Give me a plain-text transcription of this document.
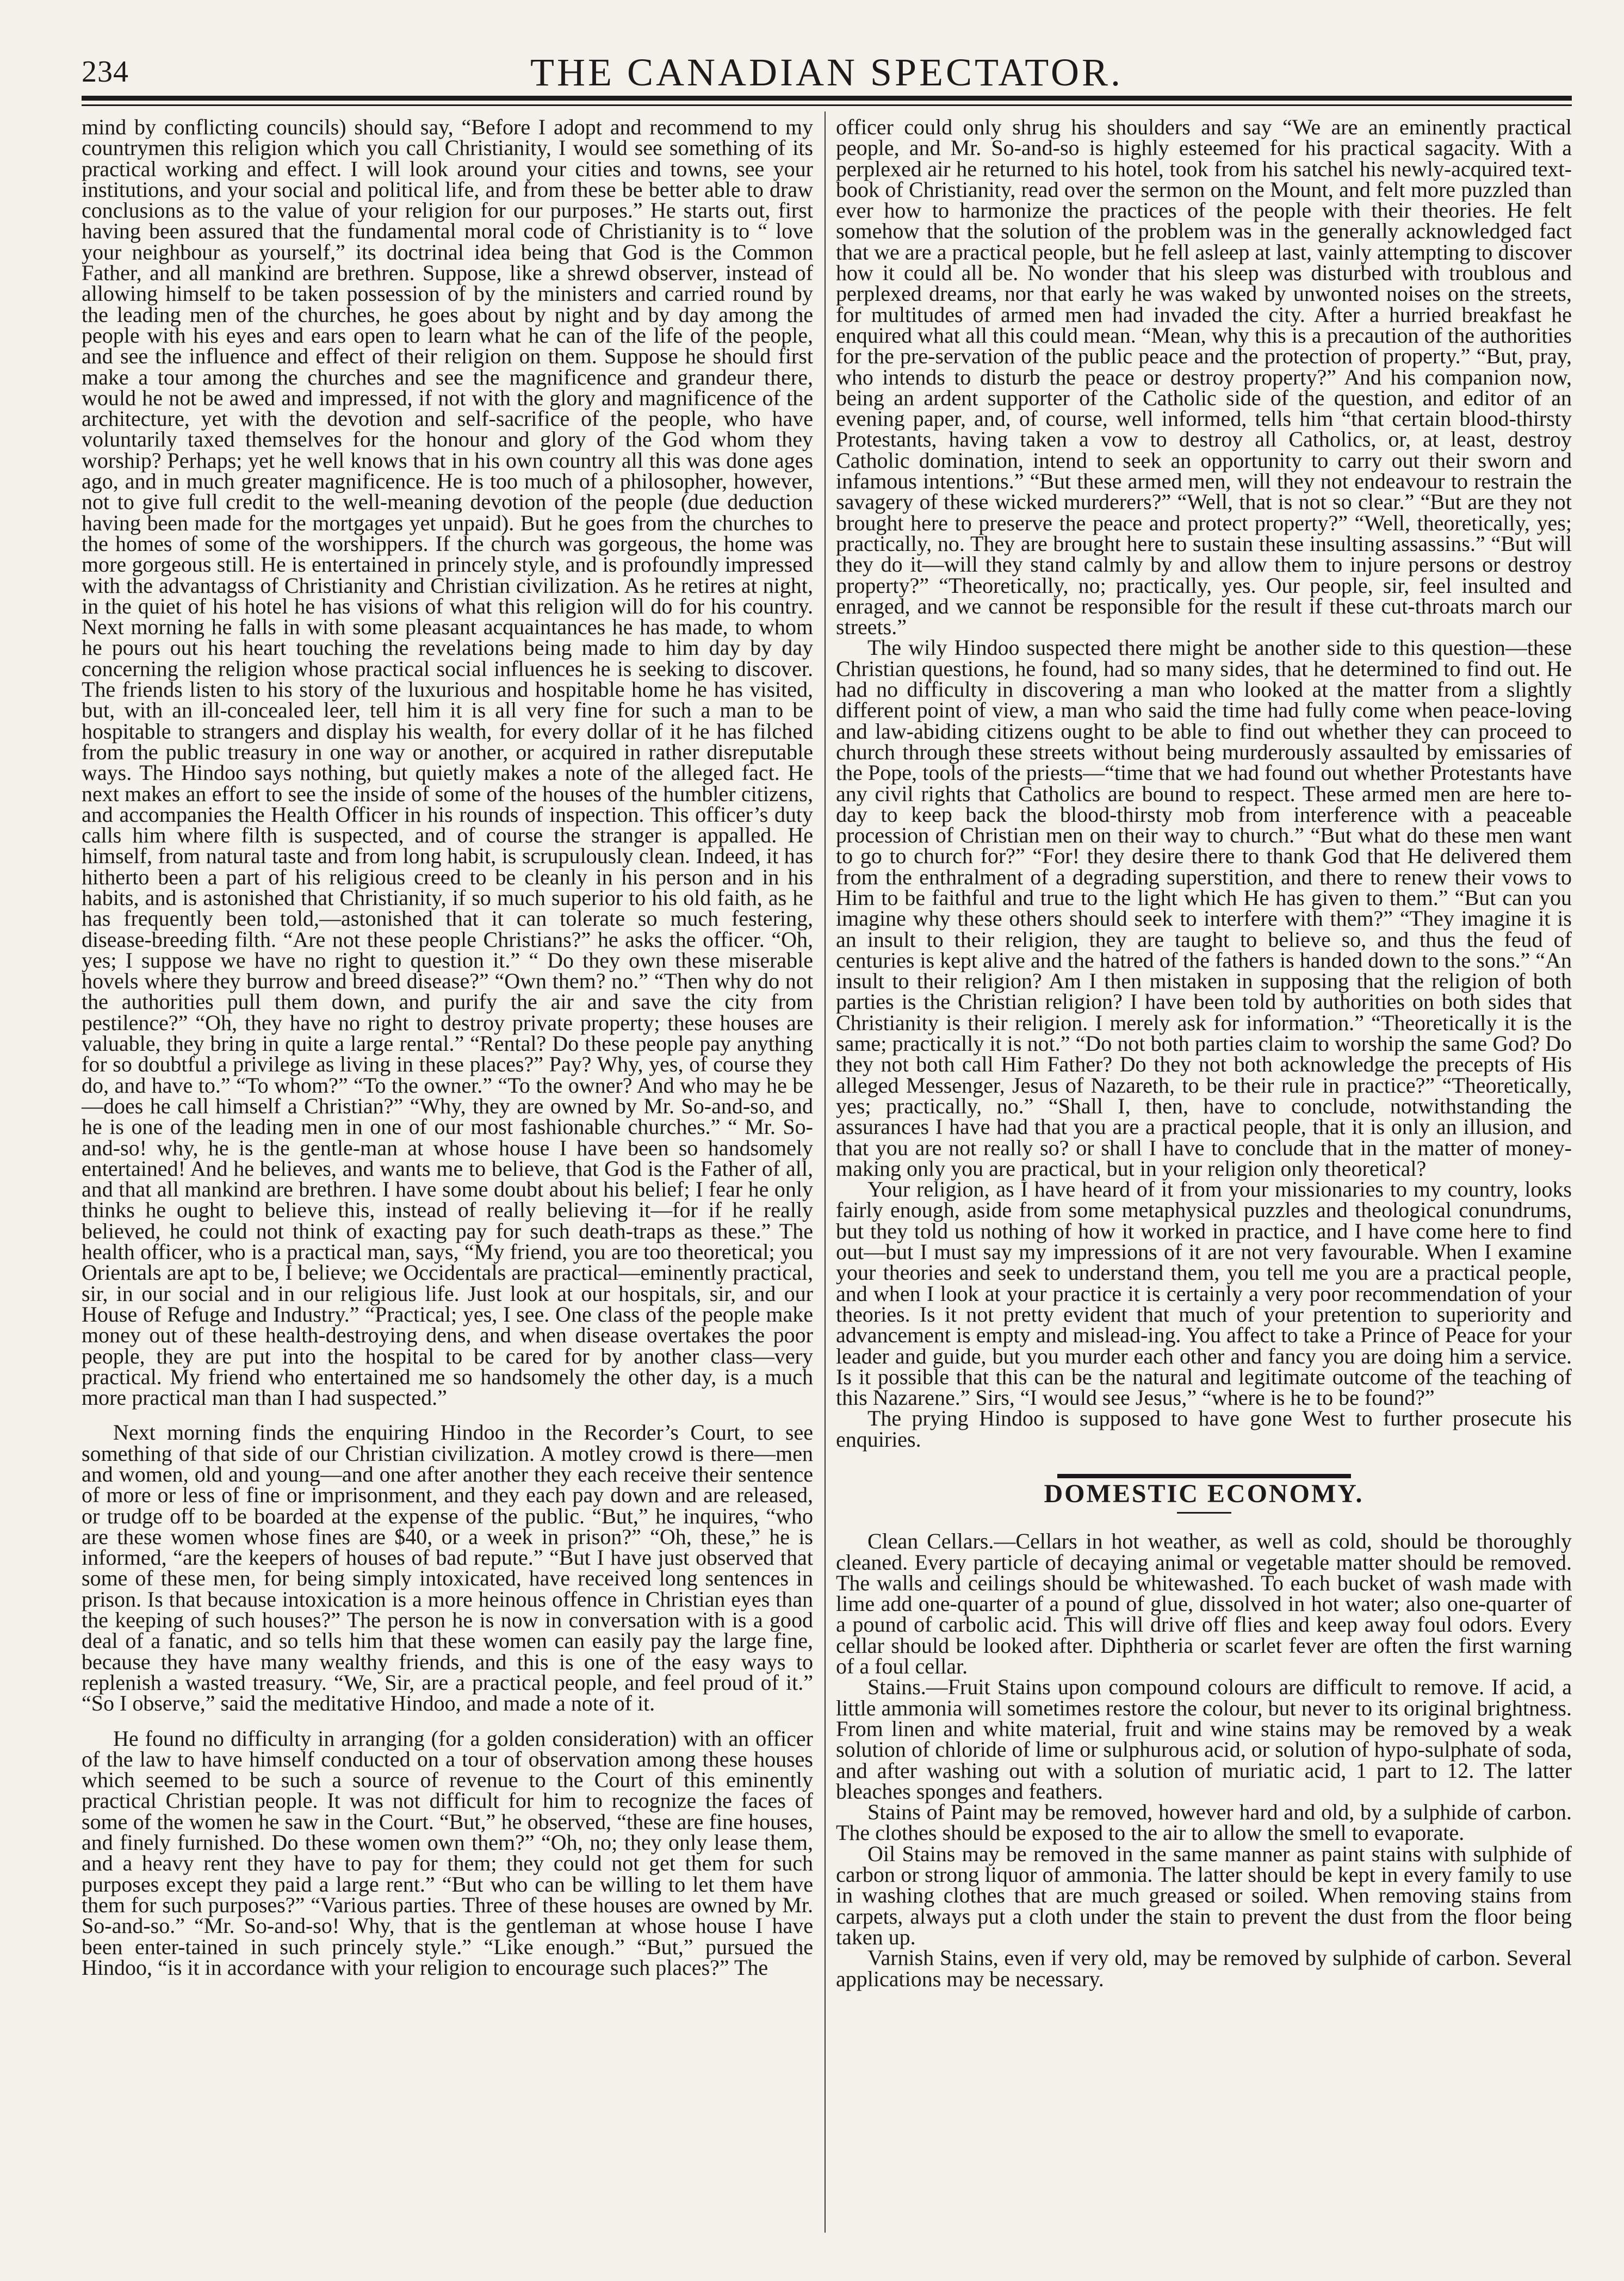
234	THE CANADIAN SPECTATOR.

mind by conflicting councils) should say, “Before I adopt and recommend to my countrymen this religion which you call Christianity, I would see something of its practical working and effect. I will look around your cities and towns, see your institutions, and your social and political life, and from these be better able to draw conclusions as to the value of your religion for our purposes.” He starts out, first having been assured that the fundamental moral code of Christianity is to “ love your neighbour as yourself,” its doctrinal idea being that God is the Common Father, and all mankind are brethren. Suppose, like a shrewd observer, instead of allowing himself to be taken possession of by the ministers and carried round by the leading men of the churches, he goes about by night and by day among the people with his eyes and ears open to learn what he can of the life of the people, and see the influence and effect of their religion on them. Suppose he should first make a tour among the churches and see the magnificence and grandeur there, would he not be awed and impressed, if not with the glory and magnificence of the architecture, yet with the devotion and self-sacrifice of the people, who have voluntarily taxed themselves for the honour and glory of the God whom they worship? Perhaps; yet he well knows that in his own country all this was done ages ago, and in much greater magnificence. He is too much of a philosopher, however, not to give full credit to the well-meaning devotion of the people (due deduction having been made for the mortgages yet unpaid). But he goes from the churches to the homes of some of the worshippers. If the church was gorgeous, the home was more gorgeous still. He is entertained in princely style, and is profoundly impressed with the advantagss of Christianity and Christian civilization. As he retires at night, in the quiet of his hotel he has visions of what this religion will do for his country. Next morning he falls in with some pleasant acquaintances he has made, to whom he pours out his heart touching the revelations being made to him day by day concerning the religion whose practical social influences he is seeking to discover. The friends listen to his story of the luxurious and hospitable home he has visited, but, with an ill-concealed leer, tell him it is all very fine for such a man to be hospitable to strangers and display his wealth, for every dollar of it he has filched from the public treasury in one way or another, or acquired in rather disreputable ways. The Hindoo says nothing, but quietly makes a note of the alleged fact. He next makes an effort to see the inside of some of the houses of the humbler citizens, and accompanies the Health Officer in his rounds of inspection. This officer’s duty calls him where filth is suspected, and of course the stranger is appalled. He himself, from natural taste and from long habit, is scrupulously clean. Indeed, it has hitherto been a part of his religious creed to be cleanly in his person and in his habits, and is astonished that Christianity, if so much superior to his old faith, as he has frequently been told,—astonished that it can tolerate so much festering, disease-breeding filth. “Are not these people Christians?” he asks the officer. “Oh, yes; I suppose we have no right to question it.” “ Do they own these miserable hovels where they burrow and breed disease?” “Own them? no.” “Then why do not the authorities pull them down, and purify the air and save the city from pestilence?” “Oh, they have no right to destroy private property; these houses are valuable, they bring in quite a large rental.” “Rental? Do these people pay anything for so doubtful a privilege as living in these places?” Pay? Why, yes, of course they do, and have to.” “To whom?” “To the owner.” “To the owner? And who may he be—does he call himself a Christian?” “Why, they are owned by Mr. So-and-so, and he is one of the leading men in one of our most fashionable churches.” “ Mr. So-and-so! why, he is the gentle-man at whose house I have been so handsomely entertained! And he believes, and wants me to believe, that God is the Father of all, and that all mankind are brethren. I have some doubt about his belief; I fear he only thinks he ought to believe this, instead of really believing it—for if he really believed, he could not think of exacting pay for such death-traps as these.” The health officer, who is a practical man, says, “My friend, you are too theoretical; you Orientals are apt to be, I believe; we Occidentals are practical—eminently practical, sir, in our social and in our religious life. Just look at our hospitals, sir, and our House of Refuge and Industry.” “Practical; yes, I see. One class of the people make money out of these health-destroying dens, and when disease overtakes the poor people, they are put into the hospital to be cared for by another class—very practical. My friend who entertained me so handsomely the other day, is a much more practical man than I had suspected.”

Next morning finds the enquiring Hindoo in the Recorder’s Court, to see something of that side of our Christian civilization. A motley crowd is there—men and women, old and young—and one after another they each receive their sentence of more or less of fine or imprisonment, and they each pay down and are released, or trudge off to be boarded at the expense of the public. “But,” he inquires, “who are these women whose fines are $40, or a week in prison?” “Oh, these,” he is informed, “are the keepers of houses of bad repute.” “But I have just observed that some of these men, for being simply intoxicated, have received long sentences in prison. Is that because intoxication is a more heinous offence in Christian eyes than the keeping of such houses?” The person he is now in conversation with is a good deal of a fanatic, and so tells him that these women can easily pay the large fine, because they have many wealthy friends, and this is one of the easy ways to replenish a wasted treasury. “We, Sir, are a practical people, and feel proud of it.” “So I observe,” said the meditative Hindoo, and made a note of it.

He found no difficulty in arranging (for a golden consideration) with an officer of the law to have himself conducted on a tour of observation among these houses which seemed to be such a source of revenue to the Court of this eminently practical Christian people. It was not difficult for him to recognize the faces of some of the women he saw in the Court. “But,” he observed, “these are fine houses, and finely furnished. Do these women own them?” “Oh, no; they only lease them, and a heavy rent they have to pay for them; they could not get them for such purposes except they paid a large rent.” “But who can be willing to let them have them for such purposes?” “Various parties. Three of these houses are owned by Mr. So-and-so.” “Mr. So-and-so! Why, that is the gentleman at whose house I have been enter-tained in such princely style.” “Like enough.” “But,” pursued the Hindoo, “is it in accordance with your religion to encourage such places?” The

officer could only shrug his shoulders and say “We are an eminently practical people, and Mr. So-and-so is highly esteemed for his practical sagacity. With a perplexed air he returned to his hotel, took from his satchel his newly-acquired text-book of Christianity, read over the sermon on the Mount, and felt more puzzled than ever how to harmonize the practices of the people with their theories. He felt somehow that the solution of the problem was in the generally acknowledged fact that we are a practical people, but he fell asleep at last, vainly attempting to discover how it could all be. No wonder that his sleep was disturbed with troublous and perplexed dreams, nor that early he was waked by unwonted noises on the streets, for multitudes of armed men had invaded the city. After a hurried breakfast he enquired what all this could mean. “Mean, why this is a precaution of the authorities for the pre-servation of the public peace and the protection of property.” “But, pray, who intends to disturb the peace or destroy property?” And his companion now, being an ardent supporter of the Catholic side of the question, and editor of an evening paper, and, of course, well informed, tells him “that certain blood-thirsty Protestants, having taken a vow to destroy all Catholics, or, at least, destroy Catholic domination, intend to seek an opportunity to carry out their sworn and infamous intentions.” “But these armed men, will they not endeavour to restrain the savagery of these wicked murderers?” “Well, that is not so clear.” “But are they not brought here to preserve the peace and protect property?” “Well, theoretically, yes; practically, no. They are brought here to sustain these insulting assassins.” “But will they do it—will they stand calmly by and allow them to injure persons or destroy property?” “Theoretically, no; practically, yes. Our people, sir, feel insulted and enraged, and we cannot be responsible for the result if these cut-throats march our streets.”

The wily Hindoo suspected there might be another side to this question—these Christian questions, he found, had so many sides, that he determined to find out. He had no difficulty in discovering a man who looked at the matter from a slightly different point of view, a man who said the time had fully come when peace-loving and law-abiding citizens ought to be able to find out whether they can proceed to church through these streets without being murderously assaulted by emissaries of the Pope, tools of the priests—“time that we had found out whether Protestants have any civil rights that Catholics are bound to respect. These armed men are here to-day to keep back the blood-thirsty mob from interference with a peaceable procession of Christian men on their way to church.” “But what do these men want to go to church for?” “For! they desire there to thank God that He delivered them from the enthralment of a degrading superstition, and there to renew their vows to Him to be faithful and true to the light which He has given to them.” “But can you imagine why these others should seek to interfere with them?” “They imagine it is an insult to their religion, they are taught to believe so, and thus the feud of centuries is kept alive and the hatred of the fathers is handed down to the sons.” “An insult to their religion? Am I then mistaken in supposing that the religion of both parties is the Christian religion? I have been told by authorities on both sides that Christianity is their religion. I merely ask for information.” “Theoretically it is the same; practically it is not.” “Do not both parties claim to worship the same God? Do they not both call Him Father? Do they not both acknowledge the precepts of His alleged Messenger, Jesus of Nazareth, to be their rule in practice?” “Theoretically, yes; practically, no.” “Shall I, then, have to conclude, notwithstanding the assurances I have had that you are a practical people, that it is only an illusion, and that you are not really so? or shall I have to conclude that in the matter of money-making only you are practical, but in your religion only theoretical?

Your religion, as I have heard of it from your missionaries to my country, looks fairly enough, aside from some metaphysical puzzles and theological conundrums, but they told us nothing of how it worked in practice, and I have come here to find out—but I must say my impressions of it are not very favourable. When I examine your theories and seek to understand them, you tell me you are a practical people, and when I look at your practice it is certainly a very poor recommendation of your theories. Is it not pretty evident that much of your pretention to superiority and advancement is empty and mislead-ing. You affect to take a Prince of Peace for your leader and guide, but you murder each other and fancy you are doing him a service. Is it possible that this can be the natural and legitimate outcome of the teaching of this Nazarene.” Sirs, “I would see Jesus,” “where is he to be found?”

The prying Hindoo is supposed to have gone West to further prosecute his enquiries.

DOMESTIC ECONOMY.

Clean Cellars.—Cellars in hot weather, as well as cold, should be thoroughly cleaned. Every particle of decaying animal or vegetable matter should be removed. The walls and ceilings should be whitewashed. To each bucket of wash made with lime add one-quarter of a pound of glue, dissolved in hot water; also one-quarter of a pound of carbolic acid. This will drive off flies and keep away foul odors. Every cellar should be looked after. Diphtheria or scarlet fever are often the first warning of a foul cellar.

Stains.—Fruit Stains upon compound colours are difficult to remove. If acid, a little ammonia will sometimes restore the colour, but never to its original brightness. From linen and white material, fruit and wine stains may be removed by a weak solution of chloride of lime or sulphurous acid, or solution of hypo-sulphate of soda, and after washing out with a solution of muriatic acid, 1 part to 12. The latter bleaches sponges and feathers.

Stains of Paint may be removed, however hard and old, by a sulphide of carbon. The clothes should be exposed to the air to allow the smell to evaporate.

Oil Stains may be removed in the same manner as paint stains with sulphide of carbon or strong liquor of ammonia. The latter should be kept in every family to use in washing clothes that are much greased or soiled. When removing stains from carpets, always put a cloth under the stain to prevent the dust from the floor being taken up.

Varnish Stains, even if very old, may be removed by sulphide of carbon. Several applications may be necessary.
